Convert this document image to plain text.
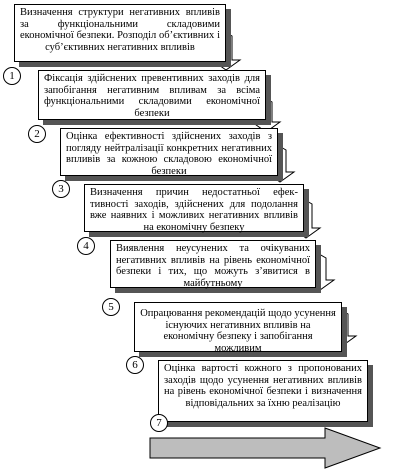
Визначення структури негативних впливів за функціональними складовими економічної безпеки. Розподіл об’єктивних і суб’єктивних негативних впливів
1	Фіксація здійснених превентивних заходів для запобігання негативним впливам за всіма функціональними складовими економічної безпеки
2	Оцінка ефективності здійснених заходів з погляду нейтралізації конкретних негативних впливів за кожною складовою економічної безпеки
3	Визначення причин недостатньої ефективності заходів, здійснених для подолання вже наявних і можливих негативних впливів на економічну безпеку
4	Виявлення неусунених та очікуваних негативних впливів на рівень економічної безпеки і тих, що можуть з’явитися в майбутньому
5
Опрацювання рекомендацій щодо усунення існуючих негативних впливів на економічну безпеку і запобігання можливим
6	Оцінка вартості кожного з пропонованих заходів щодо усунення негативних впливів на рівень економічної безпеки і визначення відповідальних за їхню реалізацію
7
